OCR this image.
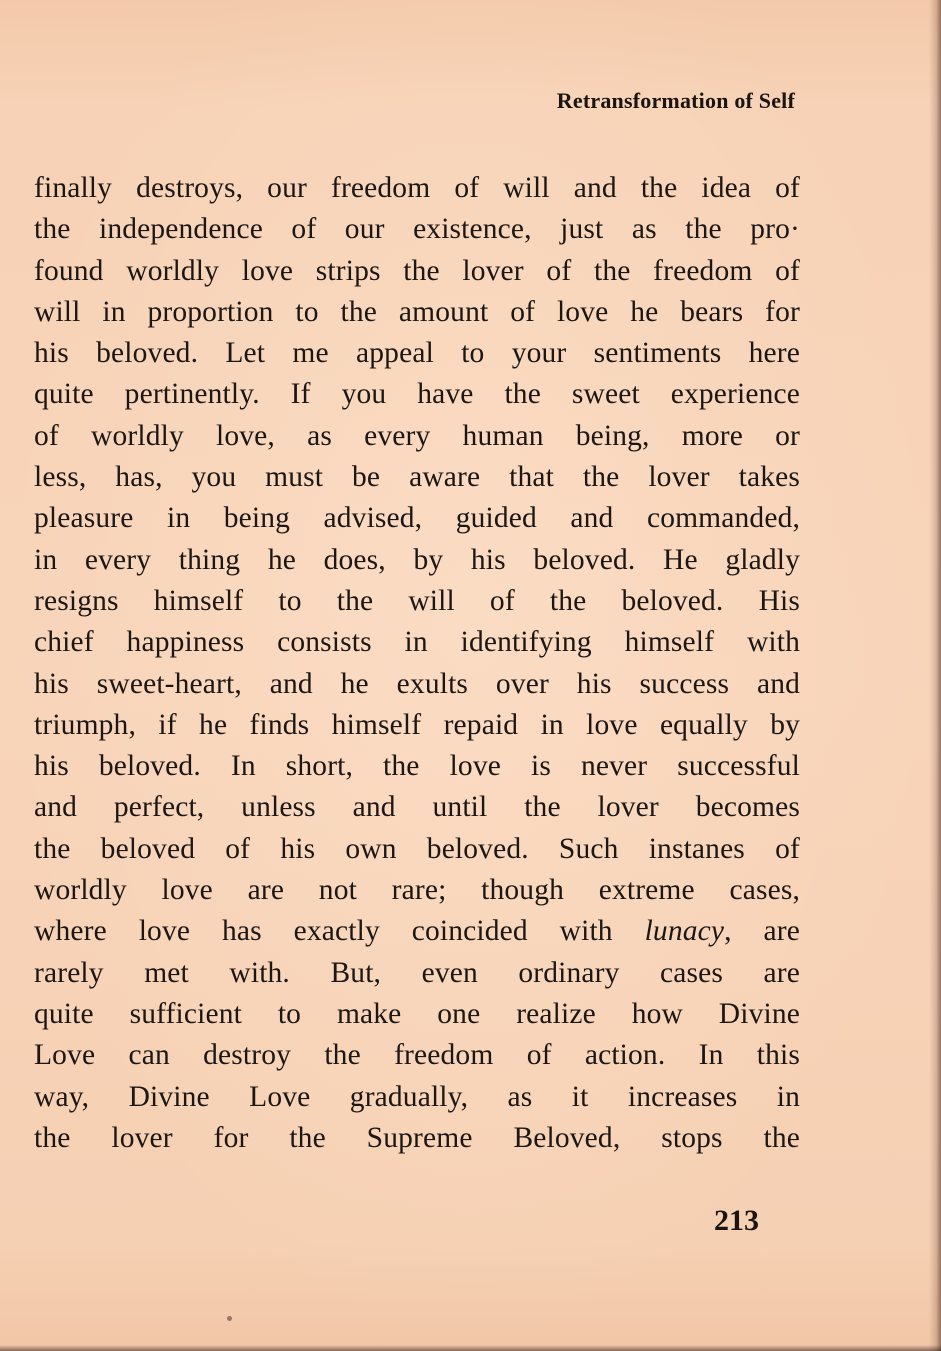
Retransformation of Self
finally destroys, our freedom of will and the idea of
the independence of our existence, just as the pro·
found worldly love strips the lover of the freedom of
will in proportion to the amount of love he bears for
his beloved. Let me appeal to your sentiments here
quite pertinently. If you have the sweet experience
of worldly love, as every human being, more or
less, has, you must be aware that the lover takes
pleasure in being advised, guided and commanded,
in every thing he does, by his beloved. He gladly
resigns himself to the will of the beloved. His
chief happiness consists in identifying himself with
his sweet-heart, and he exults over his success and
triumph, if he finds himself repaid in love equally by
his beloved. In short, the love is never successful
and perfect, unless and until the lover becomes
the beloved of his own beloved. Such instanes of
worldly love are not rare; though extreme cases,
where love has exactly coincided with lunacy, are
rarely met with. But, even ordinary cases are
quite sufficient to make one realize how Divine
Love can destroy the freedom of action. In this
way, Divine Love gradually, as it increases in
the lover for the Supreme Beloved, stops the
213
